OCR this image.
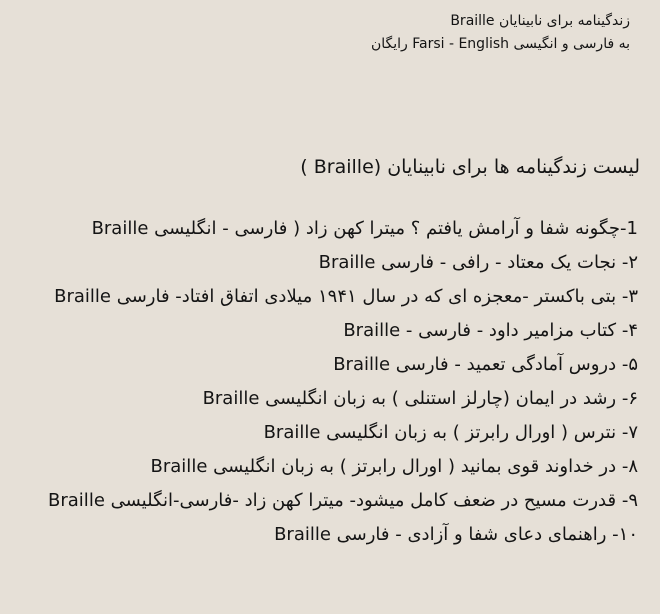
زندگینامه برای نابینایان Braille
به فارسی و انگیسی Farsi - English رایگان
لیست زندگینامه ها برای نابینایان (Braille )
1-چگونه شفا و آرامش یافتم ؟ میترا کهن زاد ( فارسی - انگلیسی Braille
۲- نجات یک معتاد - رافی - فارسی Braille
۳- بتی باکستر -معجزه ای که در سال ۱۹۴۱ میلادی اتفاق افتاد- فارسی Braille
۴- کتاب مزامیر داود - فارسی - Braille
۵- دروس آمادگی تعمید - فارسی Braille
۶- رشد در ایمان (چارلز استنلی ) به زبان انگلیسی Braille
۷- نترس ( اورال رابرتز ) به زبان انگلیسی Braille
۸- در خداوند قوی بمانید ( اورال رابرتز ) به زبان انگلیسی Braille
۹- قدرت مسیح در ضعف کامل میشود- میترا کهن زاد -فارسی-انگلیسی Braille
۱۰- راهنمای دعای شفا و آزادی - فارسی Braille
